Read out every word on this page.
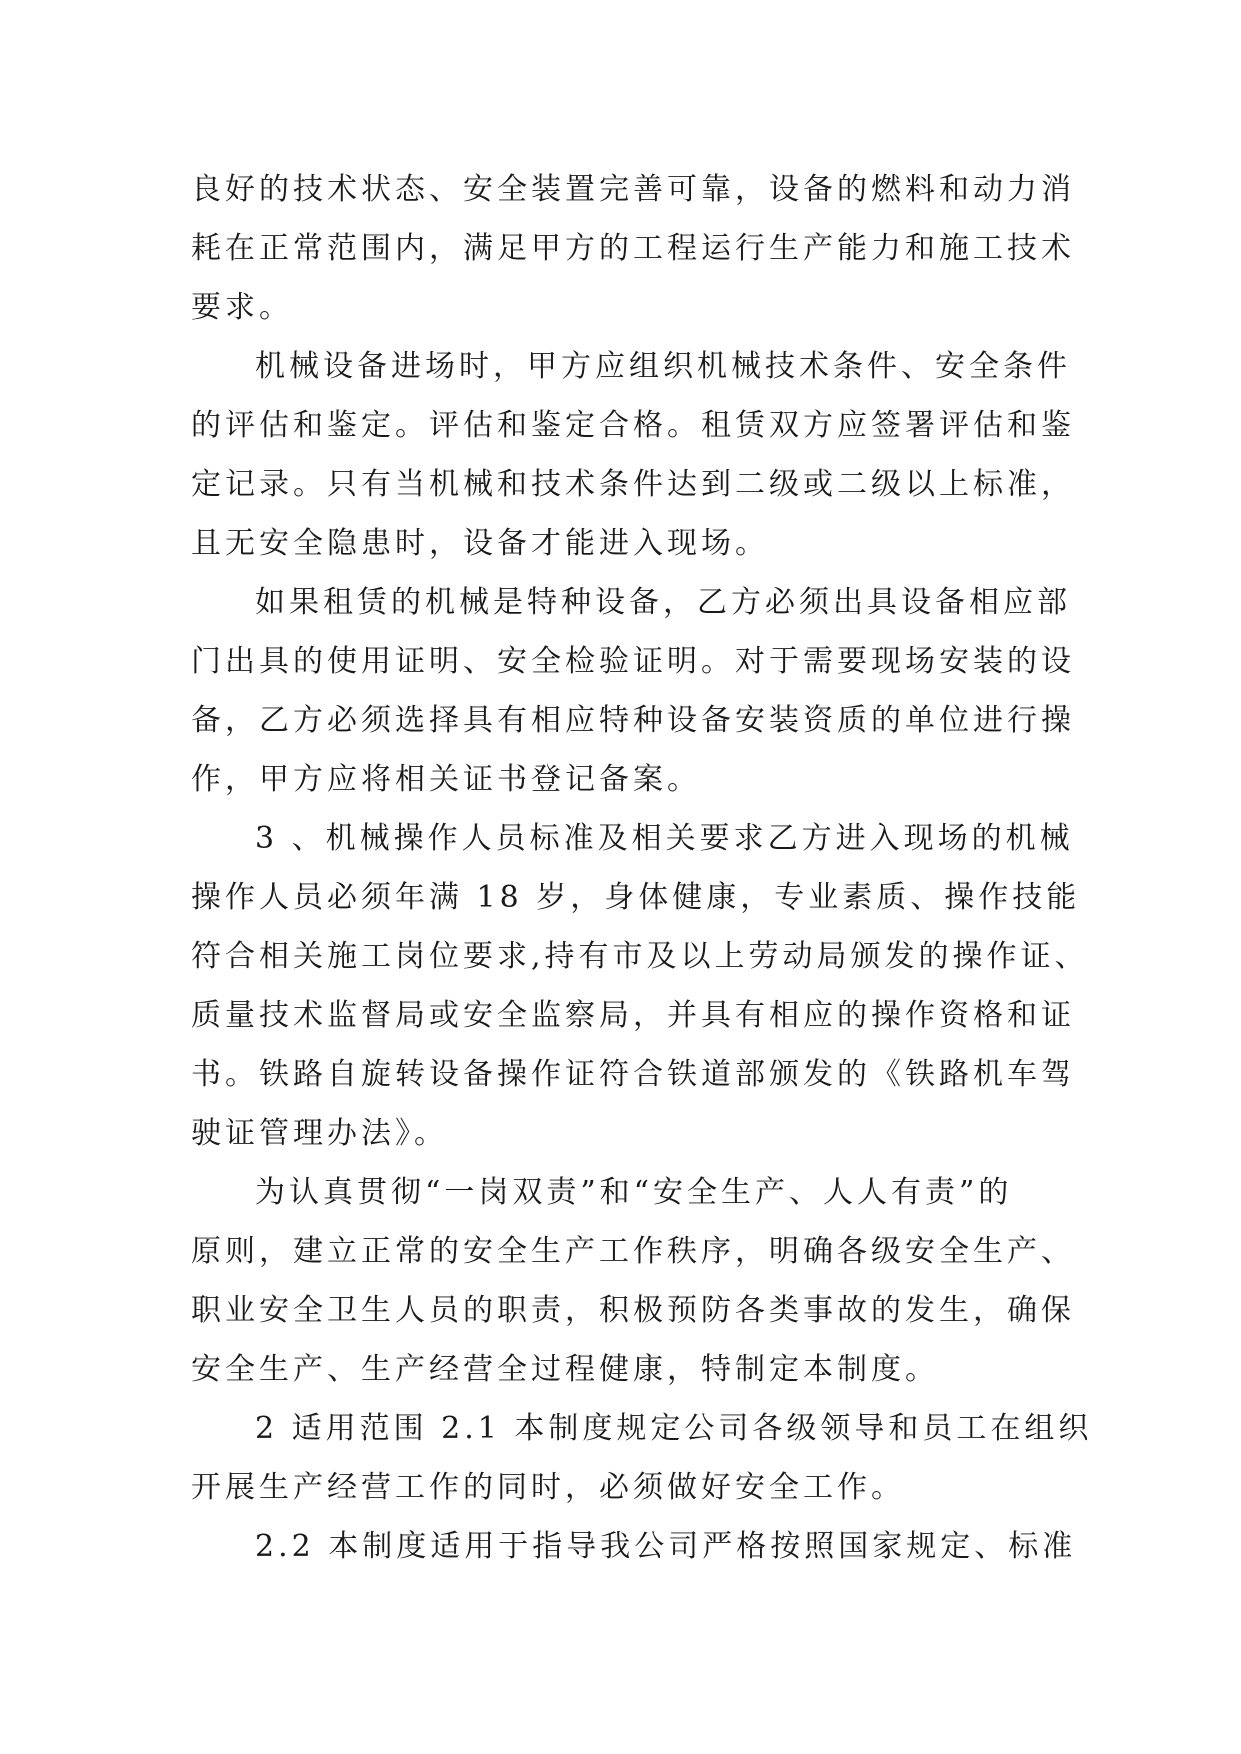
良好的技术状态、安全装置完善可靠，设备的燃料和动力消
耗在正常范围内，满足甲方的工程运行生产能力和施工技术
要求。
机械设备进场时，甲方应组织机械技术条件、安全条件
的评估和鉴定。评估和鉴定合格。租赁双方应签署评估和鉴
定记录。只有当机械和技术条件达到二级或二级以上标准，
且无安全隐患时，设备才能进入现场。
如果租赁的机械是特种设备，乙方必须出具设备相应部
门出具的使用证明、安全检验证明。对于需要现场安装的设
备，乙方必须选择具有相应特种设备安装资质的单位进行操
作，甲方应将相关证书登记备案。
3 、机械操作人员标准及相关要求乙方进入现场的机械
操作人员必须年满 18 岁，身体健康，专业素质、操作技能
符合相关施工岗位要求,持有市及以上劳动局颁发的操作证、
质量技术监督局或安全监察局，并具有相应的操作资格和证
书。铁路自旋转设备操作证符合铁道部颁发的《铁路机车驾
驶证管理办法》。
为认真贯彻“一岗双责”和“安全生产、人人有责”的
原则，建立正常的安全生产工作秩序，明确各级安全生产、
职业安全卫生人员的职责，积极预防各类事故的发生，确保
安全生产、生产经营全过程健康，特制定本制度。
2 适用范围 2.1 本制度规定公司各级领导和员工在组织
开展生产经营工作的同时，必须做好安全工作。
2.2 本制度适用于指导我公司严格按照国家规定、标准
